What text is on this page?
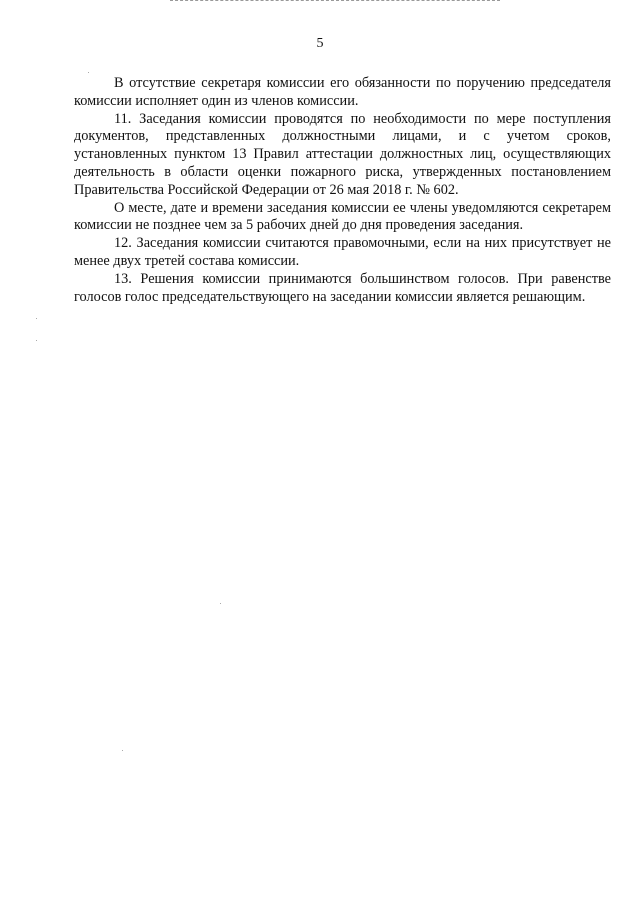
5

В отсутствие секретаря комиссии его обязанности по поручению председателя комиссии исполняет один из членов комиссии.

11. Заседания комиссии проводятся по необходимости по мере поступления документов, представленных должностными лицами, и с учетом сроков, установленных пунктом 13 Правил аттестации должностных лиц, осуществляющих деятельность в области оценки пожарного риска, утвержденных постановлением Правительства Российской Федерации от 26 мая 2018 г. № 602.

О месте, дате и времени заседания комиссии ее члены уведомляются секретарем комиссии не позднее чем за 5 рабочих дней до дня проведения заседания.

12. Заседания комиссии считаются правомочными, если на них присутствует не менее двух третей состава комиссии.

13. Решения комиссии принимаются большинством голосов. При равенстве голосов голос председательствующего на заседании комиссии является решающим.
